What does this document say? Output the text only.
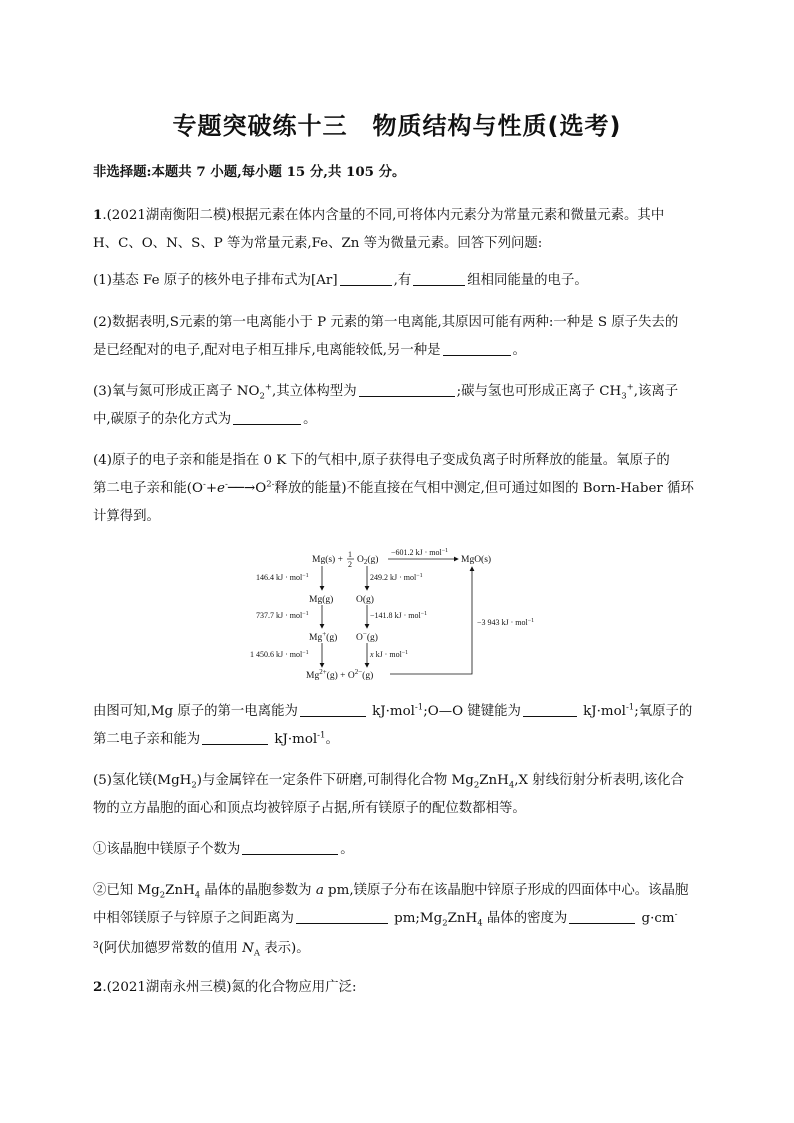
专题突破练十三　物质结构与性质(选考)
非选择题:本题共 7 小题,每小题 15 分,共 105 分。
1.(2021湖南衡阳二模)根据元素在体内含量的不同,可将体内元素分为常量元素和微量元素。其中
H、C、O、N、S、P 等为常量元素,Fe、Zn 等为微量元素。回答下列问题:
(1)基态 Fe 原子的核外电子排布式为[Ar]	,有	组相同能量的电子。
(2)数据表明,S元素的第一电离能小于 P 元素的第一电离能,其原因可能有两种:一种是 S 原子失去的
是已经配对的电子,配对电子相互排斥,电离能较低,另一种是	。
(3)氧与氮可形成正离子 $NO_2^+$,其立体构型为	;碳与氢也可形成正离子 $CH_3^+$,该离子
中,碳原子的杂化方式为	。
(4)原子的电子亲和能是指在 0 K 下的气相中,原子获得电子变成负离子时所释放的能量。氧原子的
第二电子亲和能($O^-+e^-──\to O^{2-}$释放的能量)不能直接在气相中测定,但可通过如图的 Born-Haber 循环
计算得到。
Mg(s) +
1
2 $O_2(g)$
−601.2 kJ · mol$^{-1}$
MgO(s)
146.4 kJ · mol$^{-1}$	249.2 kJ · mol$^{-1}$
Mg(g) O(g)
737.7 kJ · mol$^{-1}$	−141.8 kJ · mol$^{-1}$
Mg+(g) O−(g)
1 450.6 kJ · mol$^{-1}$	x kJ · mol$^{-1}$
$Mg^{2+}(g) + O^{2-}(g)$
−3 943 kJ · mol$^{-1}$
由图可知,Mg 原子的第一电离能为	kJ·mol$^{-1}$;O—O 键键能为	kJ·mol$^{-1}$;氧原子的
第二电子亲和能为	kJ·mol$^{-1}$。
(5)氢化镁(MgH$_2$)与金属锌在一定条件下研磨,可制得化合物 $Mg_2ZnH_4,X$ 射线衍射分析表明,该化合
物的立方晶胞的面心和顶点均被锌原子占据,所有镁原子的配位数都相等。
①该晶胞中镁原子个数为	。
②已知 $Mg_2ZnH_4$ 晶体的晶胞参数为 a pm,镁原子分布在该晶胞中锌原子形成的四面体中心。该晶胞
中相邻镁原子与锌原子之间距离为	$pm;Mg_2ZnH_4$ 晶体的密度为	g·cm-
$^3$(阿伏加德罗常数的值用 $N_A$ 表示)。
2.(2021湖南永州三模)氮的化合物应用广泛:
